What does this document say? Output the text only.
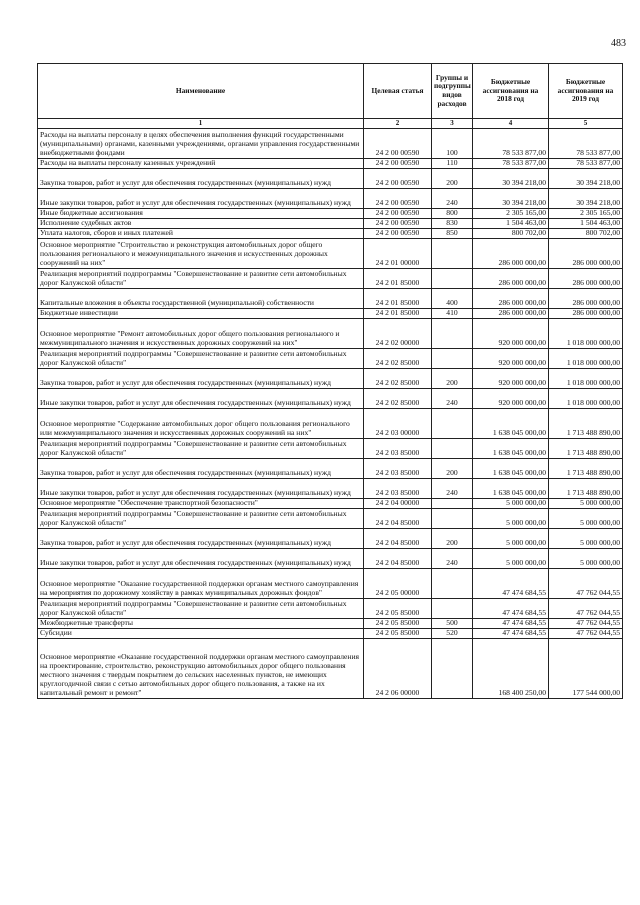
483
Наименование	Целевая статья	Группы и подгруппы видов расходов	Бюджетные ассигнования на 2018 год	Бюджетные ассигнования на 2019 год
1	2	3	4	5
Расходы на выплаты персоналу в целях обеспечения выполнения функций государственными (муниципальными) органами, казенными учреждениями, органами управления государственными внебюджетными фондами	24 2 00 00590	100	78 533 877,00	78 533 877,00
Расходы на выплаты персоналу казенных учреждений	24 2 00 00590	110	78 533 877,00	78 533 877,00
Закупка товаров, работ и услуг для обеспечения государственных (муниципальных) нужд	24 2 00 00590	200	30 394 218,00	30 394 218,00
Иные закупки товаров, работ и услуг для обеспечения государственных (муниципальных) нужд	24 2 00 00590	240	30 394 218,00	30 394 218,00
Иные бюджетные ассигнования	24 2 00 00590	800	2 305 165,00	2 305 165,00
Исполнение судебных актов	24 2 00 00590	830	1 504 463,00	1 504 463,00
Уплата налогов, сборов и иных платежей	24 2 00 00590	850	800 702,00	800 702,00
Основное мероприятие "Строительство и реконструкция автомобильных дорог общего пользования регионального и межмуниципального значения и искусственных дорожных сооружений на них"	24 2 01 00000		286 000 000,00	286 000 000,00
Реализация мероприятий подпрограммы "Совершенствование и развитие сети автомобильных дорог Калужской области"	24 2 01 85000		286 000 000,00	286 000 000,00
Капитальные вложения в объекты государственной (муниципальной) собственности	24 2 01 85000	400	286 000 000,00	286 000 000,00
Бюджетные инвестиции	24 2 01 85000	410	286 000 000,00	286 000 000,00
Основное мероприятие "Ремонт автомобильных дорог общего пользования регионального и межмуниципального значения и искусственных дорожных сооружений на них"	24 2 02 00000		920 000 000,00	1 018 000 000,00
Реализация мероприятий подпрограммы "Совершенствование и развитие сети автомобильных дорог Калужской области"	24 2 02 85000		920 000 000,00	1 018 000 000,00
Закупка товаров, работ и услуг для обеспечения государственных (муниципальных) нужд	24 2 02 85000	200	920 000 000,00	1 018 000 000,00
Иные закупки товаров, работ и услуг для обеспечения государственных (муниципальных) нужд	24 2 02 85000	240	920 000 000,00	1 018 000 000,00
Основное мероприятие "Содержание автомобильных дорог общего пользования регионального или межмуниципального значения и искусственных дорожных сооружений на них"	24 2 03 00000		1 638 045 000,00	1 713 488 890,00
Реализация мероприятий подпрограммы "Совершенствование и развитие сети автомобильных дорог Калужской области"	24 2 03 85000		1 638 045 000,00	1 713 488 890,00
Закупка товаров, работ и услуг для обеспечения государственных (муниципальных) нужд	24 2 03 85000	200	1 638 045 000,00	1 713 488 890,00
Иные закупки товаров, работ и услуг для обеспечения государственных (муниципальных) нужд	24 2 03 85000	240	1 638 045 000,00	1 713 488 890,00
Основное мероприятие "Обеспечение транспортной безопасности"	24 2 04 00000		5 000 000,00	5 000 000,00
Реализация мероприятий подпрограммы "Совершенствование и развитие сети автомобильных дорог Калужской области"	24 2 04 85000		5 000 000,00	5 000 000,00
Закупка товаров, работ и услуг для обеспечения государственных (муниципальных) нужд	24 2 04 85000	200	5 000 000,00	5 000 000,00
Иные закупки товаров, работ и услуг для обеспечения государственных (муниципальных) нужд	24 2 04 85000	240	5 000 000,00	5 000 000,00
Основное мероприятие "Оказание государственной поддержки органам местного самоуправления на мероприятия по дорожному хозяйству в рамках муниципальных дорожных фондов"	24 2 05 00000		47 474 684,55	47 762 044,55
Реализация мероприятий подпрограммы "Совершенствование и развитие сети автомобильных дорог Калужской области"	24 2 05 85000		47 474 684,55	47 762 044,55
Межбюджетные трансферты	24 2 05 85000	500	47 474 684,55	47 762 044,55
Субсидии	24 2 05 85000	520	47 474 684,55	47 762 044,55
Основное мероприятие «Оказание государственной поддержки органам местного самоуправления на проектирование, строительство, реконструкцию автомобильных дорог общего пользования местного значения с твердым покрытием до сельских населенных пунктов, не имеющих круглогодичной связи с сетью автомобильных дорог общего пользования, а также на их капитальный ремонт и ремонт"	24 2 06 00000		168 400 250,00	177 544 000,00
